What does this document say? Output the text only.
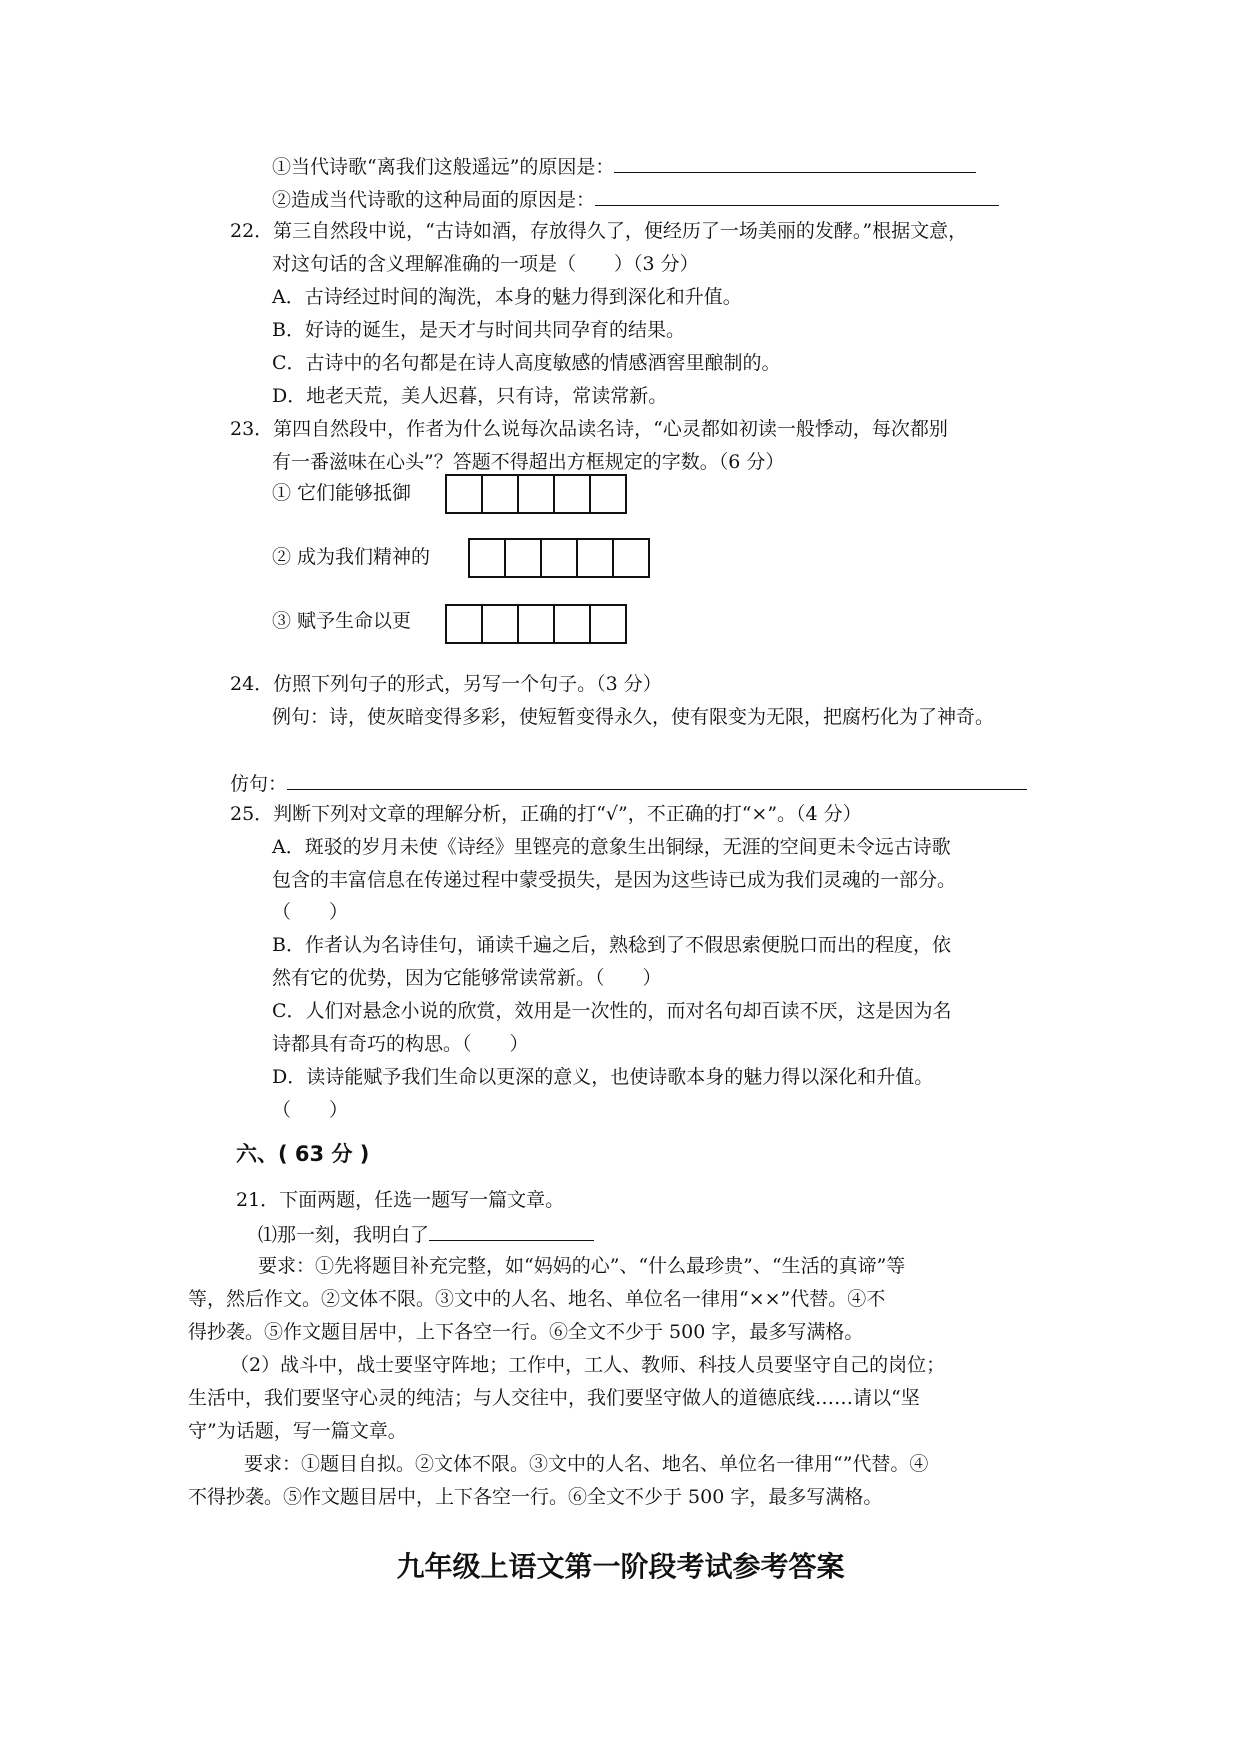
①当代诗歌“离我们这般遥远”的原因是：
②造成当代诗歌的这种局面的原因是：
22．第三自然段中说，“古诗如酒，存放得久了，便经历了一场美丽的发酵。”根据文意，
对这句话的含义理解准确的一项是（　　）（3 分）
A．古诗经过时间的淘洗，本身的魅力得到深化和升值。
B．好诗的诞生，是天才与时间共同孕育的结果。
C．古诗中的名句都是在诗人高度敏感的情感酒窖里酿制的。
D．地老天荒，美人迟暮，只有诗，常读常新。
23．第四自然段中，作者为什么说每次品读名诗，“心灵都如初读一般悸动，每次都别
有一番滋味在心头”？答题不得超出方框规定的字数。（6 分）
① 它们能够抵御
② 成为我们精神的
③ 赋予生命以更
24．仿照下列句子的形式，另写一个句子。（3 分）
例句：诗，使灰暗变得多彩，使短暂变得永久，使有限变为无限，把腐朽化为了神奇。
仿句：
25．判断下列对文章的理解分析，正确的打“√”，不正确的打“×”。（4 分）
A．斑驳的岁月未使《诗经》里铿亮的意象生出铜绿，无涯的空间更未令远古诗歌
包含的丰富信息在传递过程中蒙受损失，是因为这些诗已成为我们灵魂的一部分。
（　　）
B．作者认为名诗佳句，诵读千遍之后，熟稔到了不假思索便脱口而出的程度，依
然有它的优势，因为它能够常读常新。（　　）
C．人们对悬念小说的欣赏，效用是一次性的，而对名句却百读不厌，这是因为名
诗都具有奇巧的构思。（　　）
D．读诗能赋予我们生命以更深的意义，也使诗歌本身的魅力得以深化和升值。
（　　）
六、( 63 分 )
21．下面两题，任选一题写一篇文章。
⑴那一刻，我明白了
要求：①先将题目补充完整，如“妈妈的心”、“什么最珍贵”、“生活的真谛”等
等，然后作文。②文体不限。③文中的人名、地名、单位名一律用“××”代替。④不
得抄袭。⑤作文题目居中，上下各空一行。⑥全文不少于 500 字，最多写满格。
（2）战斗中，战士要坚守阵地；工作中，工人、教师、科技人员要坚守自己的岗位；
生活中，我们要坚守心灵的纯洁；与人交往中，我们要坚守做人的道德底线……请以“坚
守”为话题，写一篇文章。
要求：①题目自拟。②文体不限。③文中的人名、地名、单位名一律用“”代替。④
不得抄袭。⑤作文题目居中，上下各空一行。⑥全文不少于 500 字，最多写满格。
九年级上语文第一阶段考试参考答案
